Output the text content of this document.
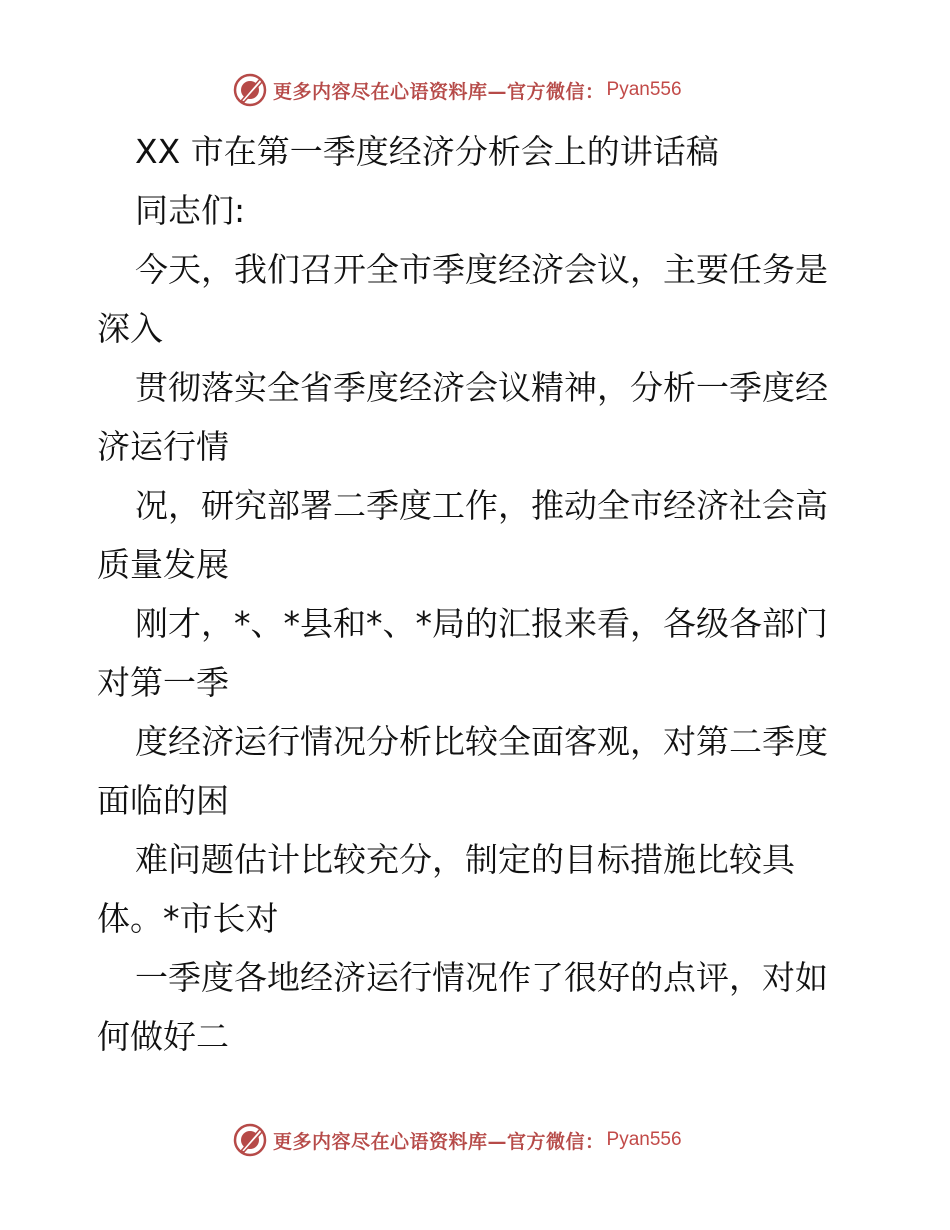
更多内容尽在心语资料库—官方微信： Pyan556

XX 市在第一季度经济分析会上的讲话稿

同志们:

今天，我们召开全市季度经济会议，主要任务是

深入

贯彻落实全省季度经济会议精神，分析一季度经

济运行情

况，研究部署二季度工作，推动全市经济社会高

质量发展

刚才，*、*县和*、*局的汇报来看，各级各部门

对第一季

度经济运行情况分析比较全面客观，对第二季度

面临的困

难问题估计比较充分，制定的目标措施比较具

体。*市长对

一季度各地经济运行情况作了很好的点评，对如

何做好二

更多内容尽在心语资料库—官方微信： Pyan556
